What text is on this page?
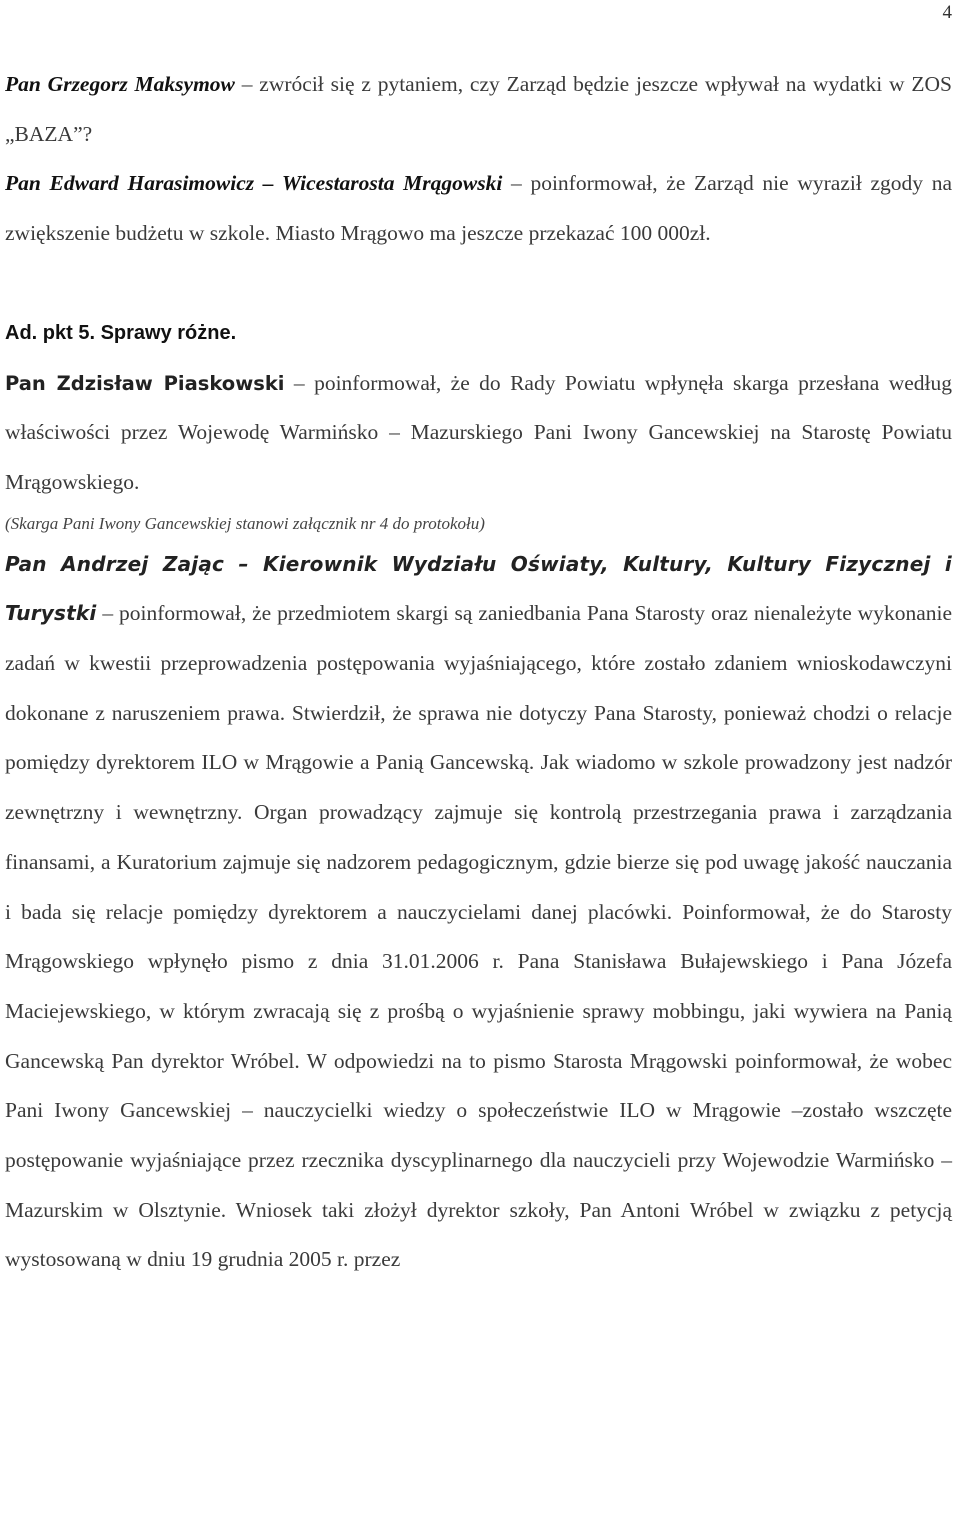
4

Pan Grzegorz Maksymow – zwrócił się z pytaniem, czy Zarząd będzie jeszcze wpływał na wydatki w ZOS „BAZA”?

Pan Edward Harasimowicz – Wicestarosta Mrągowski – poinformował, że Zarząd nie wyraził zgody na zwiększenie budżetu w szkole. Miasto Mrągowo ma jeszcze przekazać 100 000zł.

Ad. pkt 5. Sprawy różne.

Pan Zdzisław Piaskowski – poinformował, że do Rady Powiatu wpłynęła skarga przesłana według właściwości przez Wojewodę Warmińsko – Mazurskiego Pani Iwony Gancewskiej na Starostę Powiatu Mrągowskiego.

(Skarga Pani Iwony Gancewskiej stanowi załącznik nr 4 do protokołu)

Pan Andrzej Zając – Kierownik Wydziału Oświaty, Kultury, Kultury Fizycznej i Turystki – poinformował, że przedmiotem skargi są zaniedbania Pana Starosty oraz nienależyte wykonanie zadań w kwestii przeprowadzenia postępowania wyjaśniającego, które zostało zdaniem wnioskodawczyni dokonane z naruszeniem prawa. Stwierdził, że sprawa nie dotyczy Pana Starosty, ponieważ chodzi o relacje pomiędzy dyrektorem ILO w Mrągowie a Panią Gancewską. Jak wiadomo w szkole prowadzony jest nadzór zewnętrzny i wewnętrzny. Organ prowadzący zajmuje się kontrolą przestrzegania prawa i zarządzania finansami, a Kuratorium zajmuje się nadzorem pedagogicznym, gdzie bierze się pod uwagę jakość nauczania i bada się relacje pomiędzy dyrektorem a nauczycielami danej placówki. Poinformował, że do Starosty Mrągowskiego wpłynęło pismo z dnia 31.01.2006 r. Pana Stanisława Bułajewskiego i Pana Józefa Maciejewskiego, w którym zwracają się z prośbą o wyjaśnienie sprawy mobbingu, jaki wywiera na Panią Gancewską Pan dyrektor Wróbel. W odpowiedzi na to pismo Starosta Mrągowski poinformował, że wobec Pani Iwony Gancewskiej – nauczycielki wiedzy o społeczeństwie ILO w Mrągowie –zostało wszczęte postępowanie wyjaśniające przez rzecznika dyscyplinarnego dla nauczycieli przy Wojewodzie Warmińsko – Mazurskim w Olsztynie. Wniosek taki złożył dyrektor szkoły, Pan Antoni Wróbel w związku z petycją wystosowaną w dniu 19 grudnia 2005 r. przez
